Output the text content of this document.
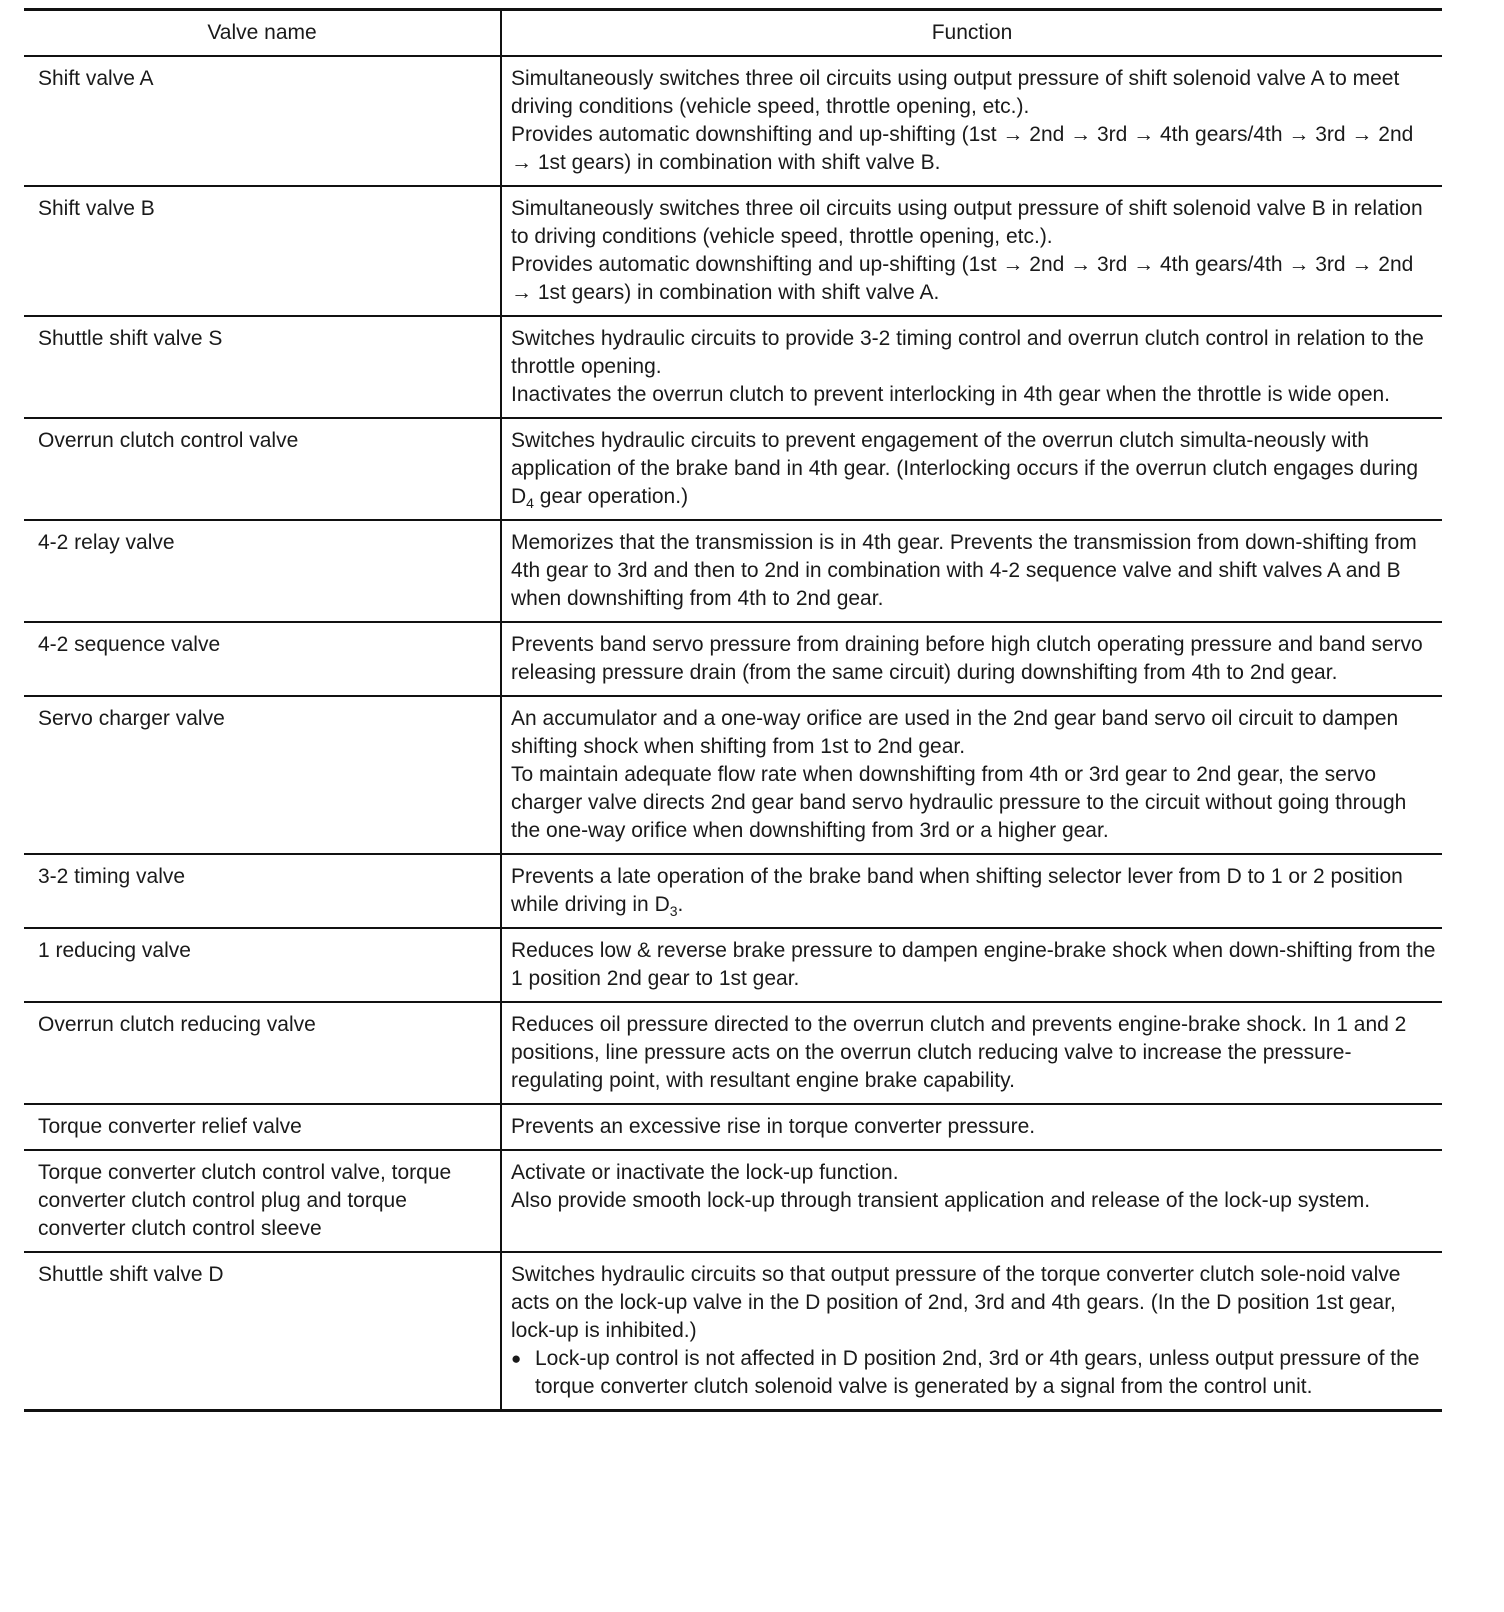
Valve name	Function
Shift valve A	Simultaneously switches three oil circuits using output pressure of shift solenoid valve A to meet driving conditions (vehicle speed, throttle opening, etc.).
Provides automatic downshifting and up-shifting (1st → 2nd → 3rd → 4th gears/4th → 3rd → 2nd → 1st gears) in combination with shift valve B.

Shift valve B	Simultaneously switches three oil circuits using output pressure of shift solenoid valve B in relation to driving conditions (vehicle speed, throttle opening, etc.).
Provides automatic downshifting and up-shifting (1st → 2nd → 3rd → 4th gears/4th → 3rd → 2nd → 1st gears) in combination with shift valve A.

Shuttle shift valve S	Switches hydraulic circuits to provide 3-2 timing control and overrun clutch control in relation to the throttle opening.
Inactivates the overrun clutch to prevent interlocking in 4th gear when the throttle is wide open.

Overrun clutch control valve	Switches hydraulic circuits to prevent engagement of the overrun clutch simulta-neously with application of the brake band in 4th gear. (Interlocking occurs if the overrun clutch engages during $D_4$ gear operation.)
4-2 relay valve	Memorizes that the transmission is in 4th gear. Prevents the transmission from down-shifting from 4th gear to 3rd and then to 2nd in combination with 4-2 sequence valve and shift valves A and B when downshifting from 4th to 2nd gear.

4-2 sequence valve	Prevents band servo pressure from draining before high clutch operating pressure and band servo releasing pressure drain (from the same circuit) during downshifting from 4th to 2nd gear.

Servo charger valve	An accumulator and a one-way orifice are used in the 2nd gear band servo oil circuit to dampen shifting shock when shifting from 1st to 2nd gear.
To maintain adequate flow rate when downshifting from 4th or 3rd gear to 2nd gear, the servo charger valve directs 2nd gear band servo hydraulic pressure to the circuit without going through the one-way orifice when downshifting from 3rd or a higher gear.

3-2 timing valve	Prevents a late operation of the brake band when shifting selector lever from D to 1 or 2 position while driving in $D_3$.
1 reducing valve	Reduces low & reverse brake pressure to dampen engine-brake shock when down-shifting from the 1 position 2nd gear to 1st gear.

Overrun clutch reducing valve	Reduces oil pressure directed to the overrun clutch and prevents engine-brake shock. In 1 and 2 positions, line pressure acts on the overrun clutch reducing valve to increase the pressure-regulating point, with resultant engine brake capability.

Torque converter relief valve	Prevents an excessive rise in torque converter pressure.

Torque converter clutch control valve, torque converter clutch control plug and torque converter clutch control sleeve	Activate or inactivate the lock-up function.
Also provide smooth lock-up through transient application and release of the lock-up system.

Shuttle shift valve D	Switches hydraulic circuits so that output pressure of the torque converter clutch sole-noid valve acts on the lock-up valve in the D position of 2nd, 3rd and 4th gears. (In the D position 1st gear, lock-up is inhibited.)
● Lock-up control is not affected in D position 2nd, 3rd or 4th gears, unless output pressure of the torque converter clutch solenoid valve is generated by a signal from the control unit.
